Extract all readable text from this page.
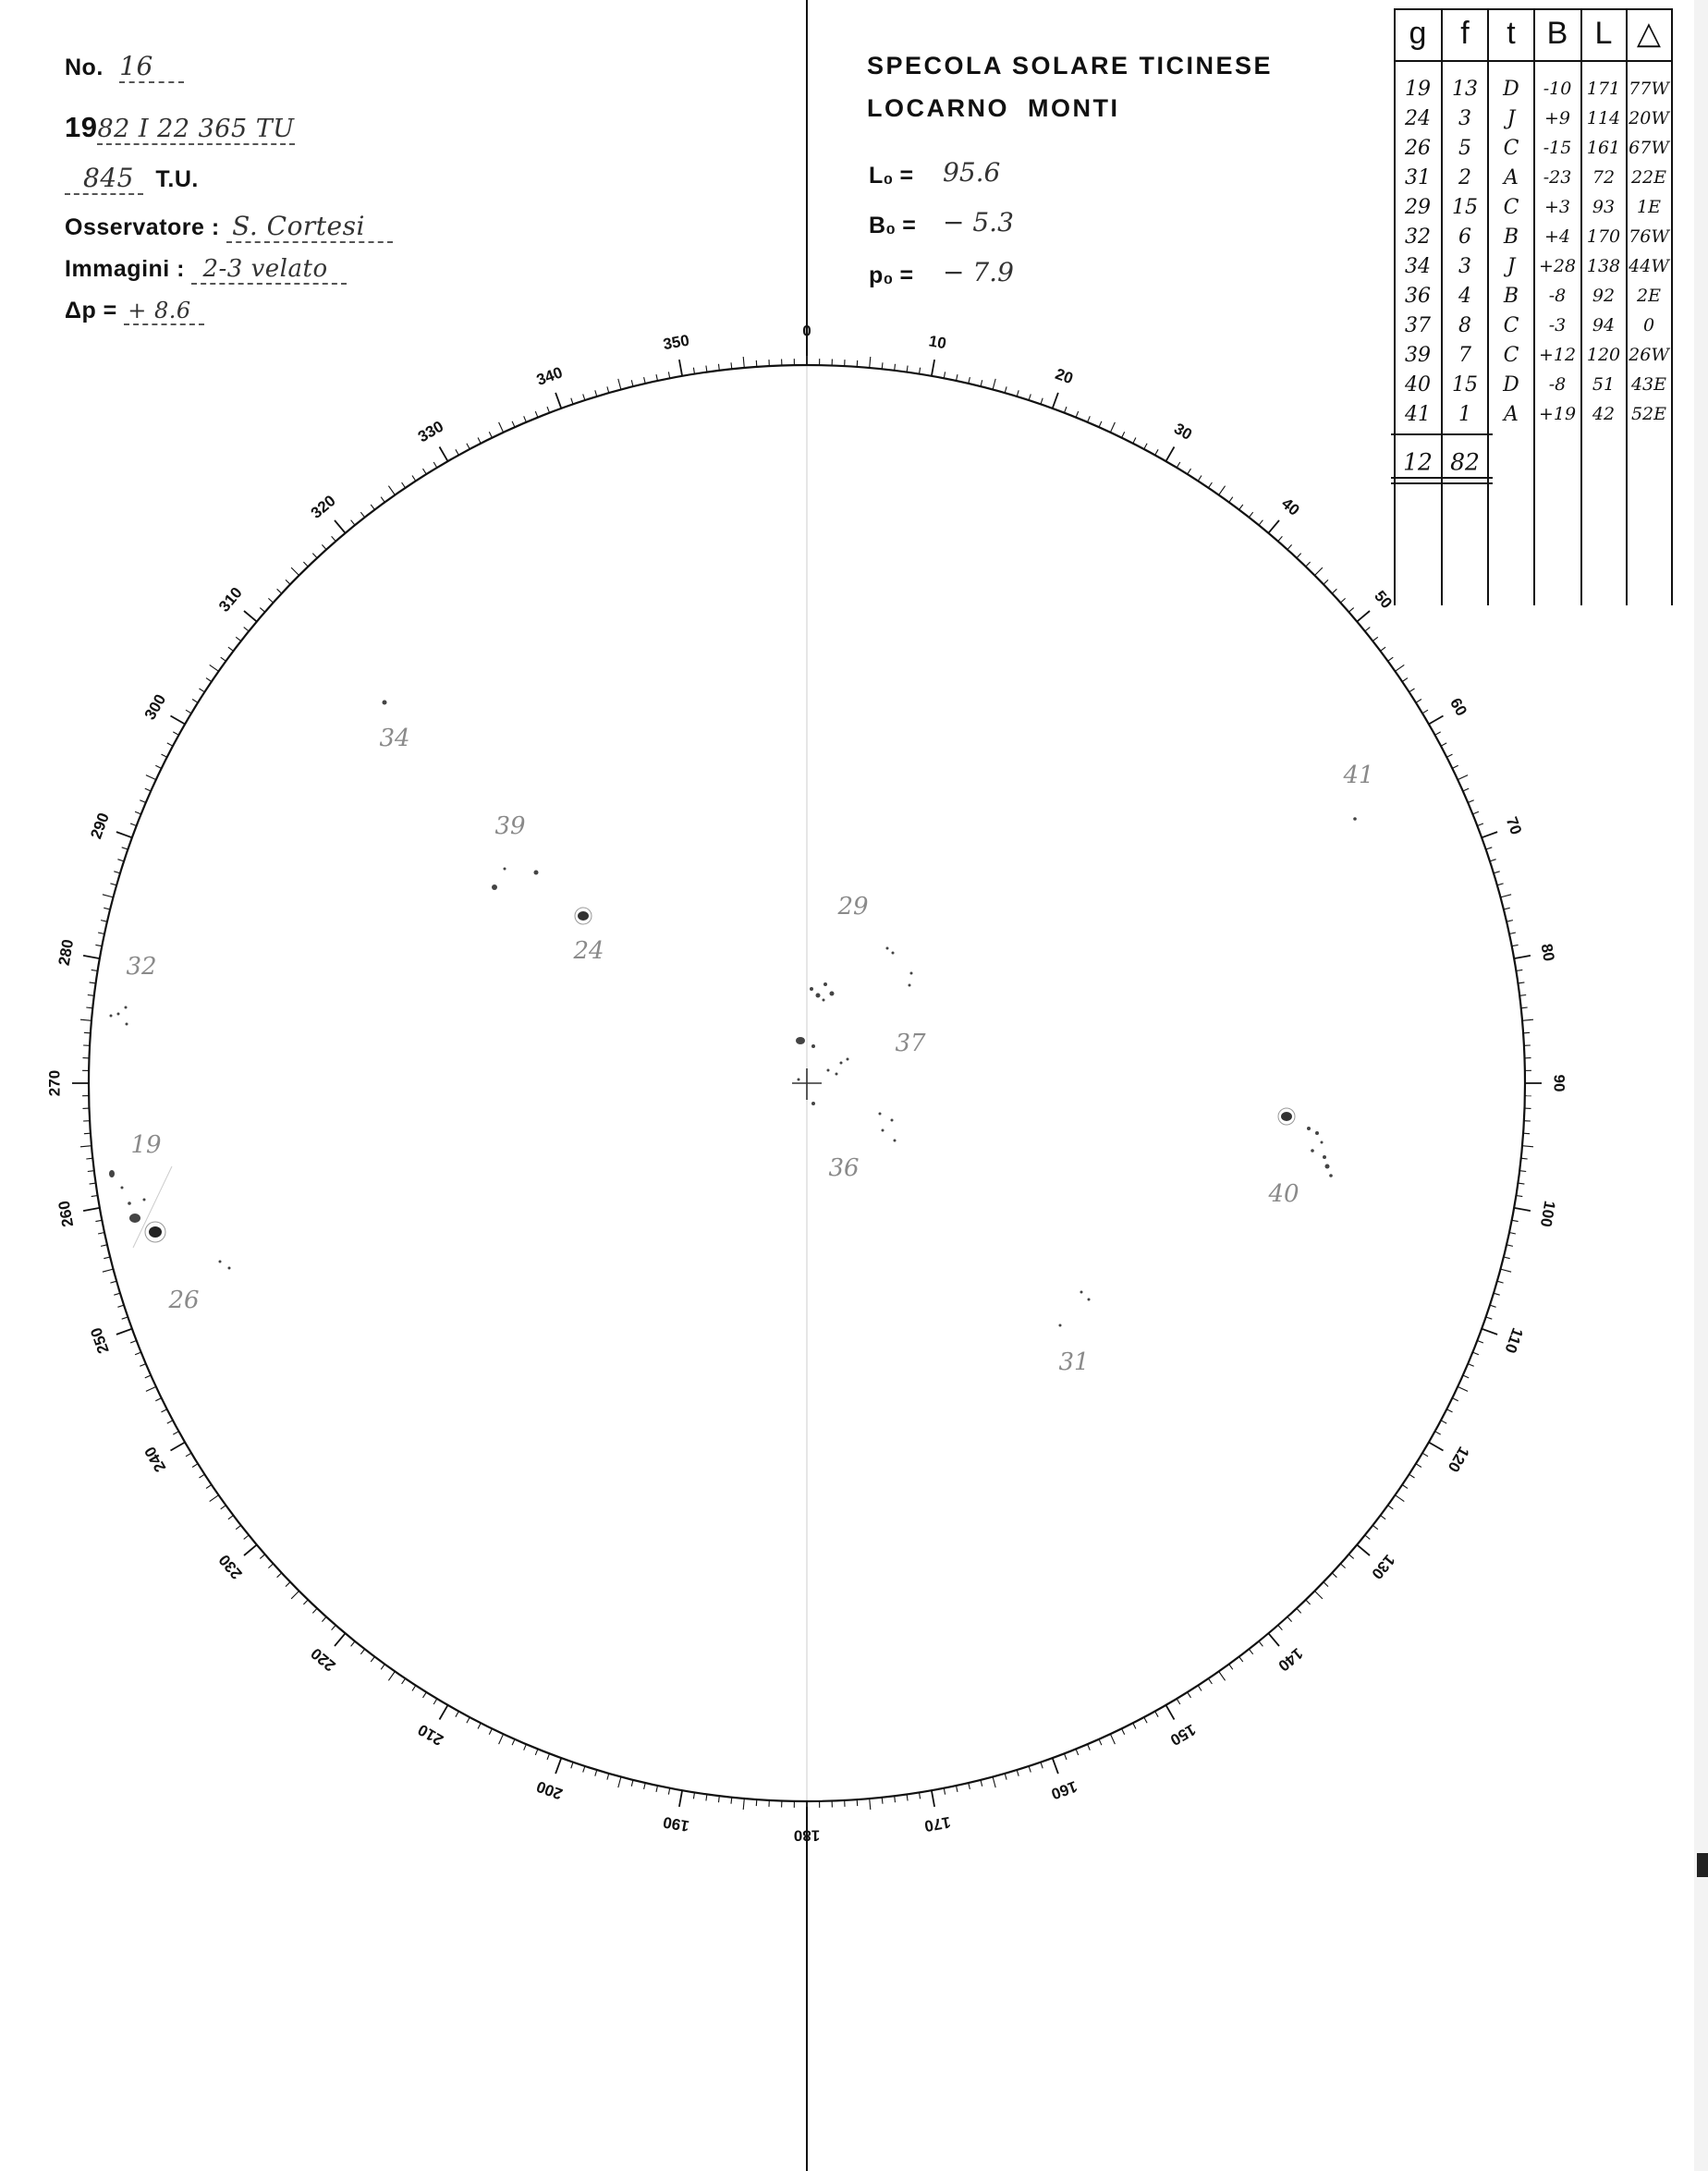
No. 16
1982 I 22 365 TU
845 T.U.
Osservatore : S. Cortesi
Immagini : 2-3 velato
Δp = + 8.6
SPECOLA SOLARE TICINESE
LOCARNO MONTI
L₀ = 95.6
B₀ = − 5.3
p₀ = − 7.9
0
10
20
30
40
50
60
70
80
90
100
110
120
130
140
150
160
170
180
190
200
210
220
230
240
250
260
270
280
290
300
310
320
330
340
350
34
39
24
29
37
36
32
19
26
41
40
31
g f t B L △
19 13 D -10 171 77W
24 3 J +9 114 20W
26 5 C -15 161 67W
31 2 A -23 72 22E
29 15 C +3 93 1E
32 6 B +4 170 76W
34 3 J +28 138 44W
36 4 B -8 92 2E
37 8 C -3 94 0
39 7 C +12 120 26W
40 15 D -8 51 43E
41 1 A +19 42 52E
12 82
